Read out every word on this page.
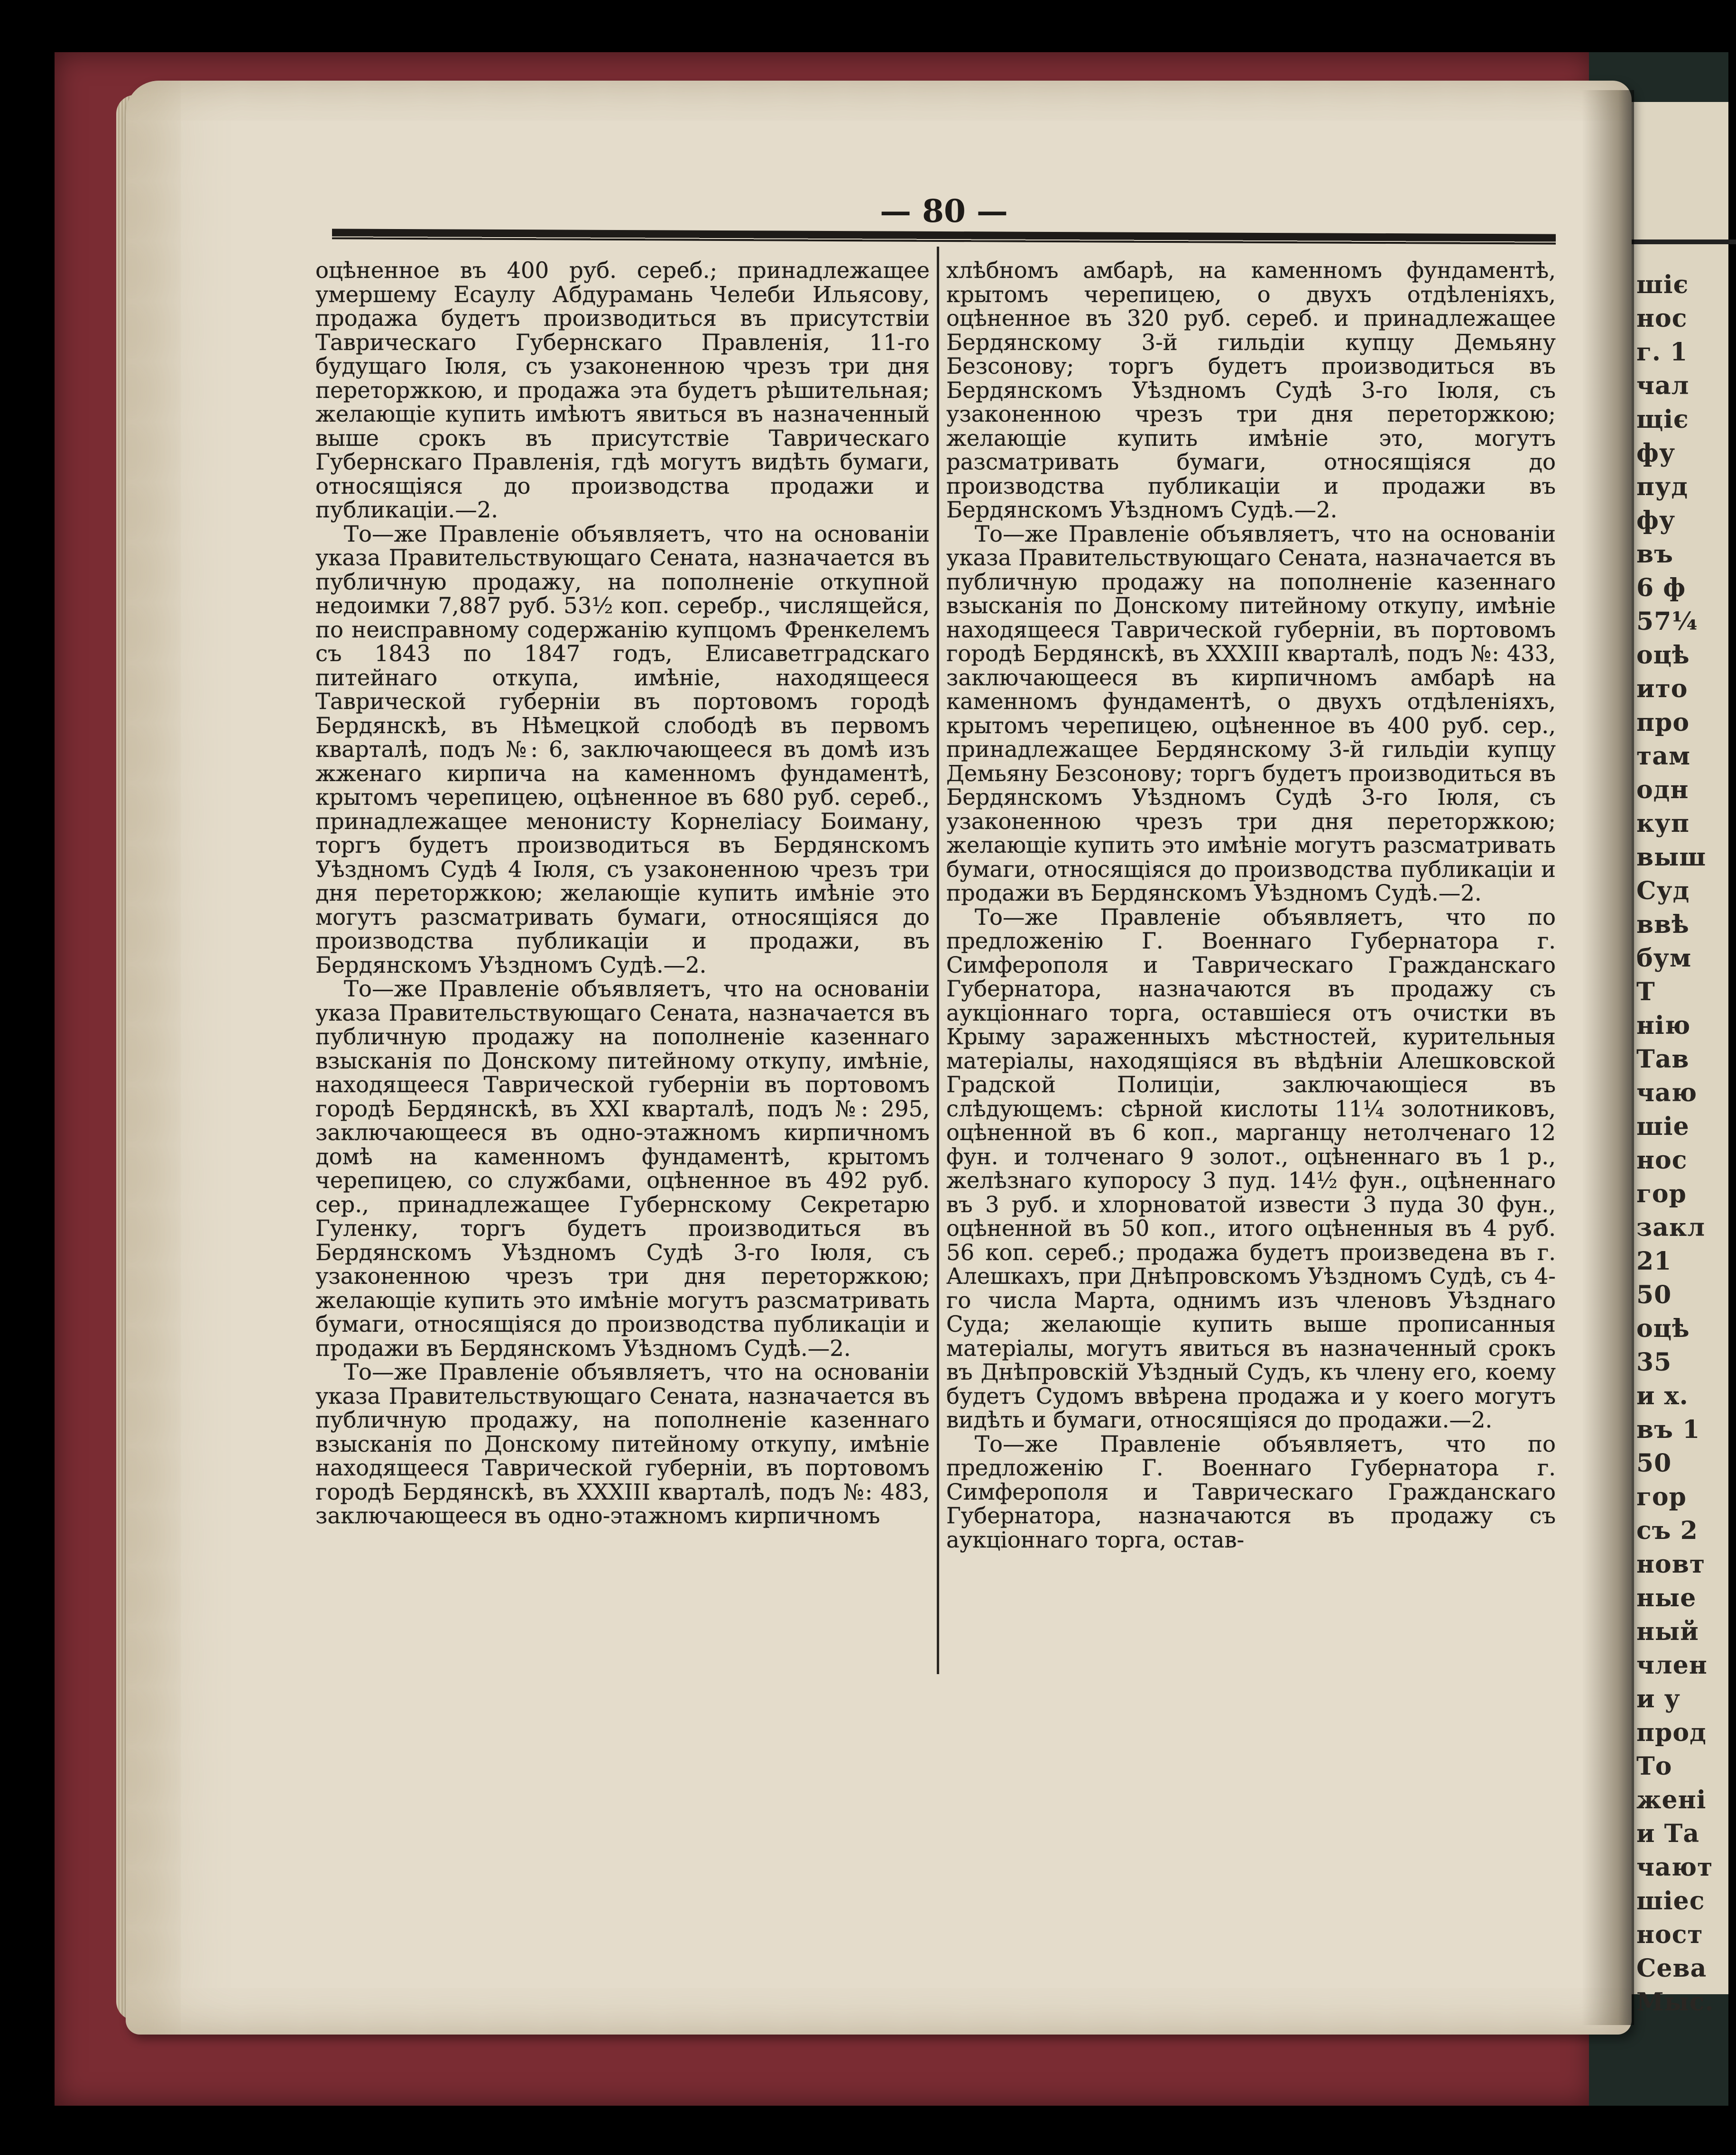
шіє
нос
г. 1
чал
щіє
фу
пуд
фу
въ
6 ф
57¼
оцѣ
ито
про
там
одн
куп
выш
Суд
ввѣ
бум
Т
нію
Тав
чаю
шіе
нос
гор
закл
21
50
оцѣ
35
и х.
въ 1
50
гор
съ 2
новт
ные
ный
член
и у
прод
То
женi
и Та
чают
шіес
ност
Сева
Мыс.
— 80 —

оцѣненное въ 400 руб. сереб.; принадлежащее умершему Есаулу Абдурамань Челеби Ильясову, продажа будетъ производиться въ присутствіи Таврическаго Губернскаго Правленія, 11-го будущаго Іюля, съ узаконенною чрезъ три дня переторжкою, и продажа эта будетъ рѣшительная; желающіе купить имѣютъ явиться въ назначенный выше срокъ въ присутствіе Таврическаго Губернскаго Правленія, гдѣ могутъ видѣть бумаги, относящіяся до производства продажи и публикаціи.—2.

То—же Правленіе объявляетъ, что на основаніи указа Правительствующаго Сената, назначается въ публичную продажу, на пополненіе откупной недоимки 7,887 руб. 53½ коп. серебр., числящейся, по неисправному содержанію купцомъ Френкелемъ съ 1843 по 1847 годъ, Елисаветградскаго питейнаго откупа, имѣніе, находящееся Таврической губерніи въ портовомъ городѣ Бердянскѣ, въ Нѣмецкой слободѣ въ первомъ кварталѣ, подъ №: 6, заключающееся въ домѣ изъ жженаго кирпича на каменномъ фундаментѣ, крытомъ черепицею, оцѣненное въ 680 руб. сереб., принадлежащее менонисту Корнеліасу Боиману, торгъ будетъ производиться въ Бердянскомъ Уѣздномъ Судѣ 4 Іюля, съ узаконенною чрезъ три дня переторжкою; желающіе купить имѣніе это могутъ разсматривать бумаги, относящіяся до производства публикаціи и продажи, въ Бердянскомъ Уѣздномъ Судѣ.—2.

То—же Правленіе объявляетъ, что на основаніи указа Правительствующаго Сената, назначается въ публичную продажу на пополненіе казеннаго взысканія по Донскому питейному откупу, имѣніе, находящееся Таврической губерніи въ портовомъ городѣ Бердянскѣ, въ XXI кварталѣ, подъ №: 295, заключающееся въ одно-этажномъ кирпичномъ домѣ на каменномъ фундаментѣ, крытомъ черепицею, со службами, оцѣненное въ 492 руб. сер., принадлежащее Губернскому Секретарю Гуленку, торгъ будетъ производиться въ Бердянскомъ Уѣздномъ Судѣ 3-го Іюля, съ узаконенною чрезъ три дня переторжкою; желающіе купить это имѣніе могутъ разсматривать бумаги, относящіяся до производства публикаціи и продажи въ Бердянскомъ Уѣздномъ Судѣ.—2.

То—же Правленіе объявляетъ, что на основаніи указа Правительствующаго Сената, назначается въ публичную продажу, на пополненіе казеннаго взысканія по Донскому питейному откупу, имѣніе находящееся Таврической губерніи, въ портовомъ городѣ Бердянскѣ, въ XXXIII кварталѣ, подъ №: 483, заключающееся въ одно-этажномъ кирпичномъ

хлѣбномъ амбарѣ, на каменномъ фундаментѣ, крытомъ черепицею, о двухъ отдѣленіяхъ, оцѣненное въ 320 руб. сереб. и принадлежащее Бердянскому 3-й гильдіи купцу Демьяну Безсонову; торгъ будетъ производиться въ Бердянскомъ Уѣздномъ Судѣ 3-го Іюля, съ узаконенною чрезъ три дня переторжкою; желающіе купить имѣніе это, могутъ разсматривать бумаги, относящіяся до производства публикаціи и продажи въ Бердянскомъ Уѣздномъ Судѣ.—2.

То—же Правленіе объявляетъ, что на основаніи указа Правительствующаго Сената, назначается въ публичную продажу на пополненіе казеннаго взысканія по Донскому питейному откупу, имѣніе находящееся Таврической губерніи, въ портовомъ городѣ Бердянскѣ, въ XXXIII кварталѣ, подъ №: 433, заключающееся въ кирпичномъ амбарѣ на каменномъ фундаментѣ, о двухъ отдѣленіяхъ, крытомъ черепицею, оцѣненное въ 400 руб. сер., принадлежащее Бердянскому 3-й гильдіи купцу Демьяну Безсонову; торгъ будетъ производиться въ Бердянскомъ Уѣздномъ Судѣ 3-го Іюля, съ узаконенною чрезъ три дня переторжкою; желающіе купить это имѣніе могутъ разсматривать бумаги, относящіяся до производства публикаціи и продажи въ Бердянскомъ Уѣздномъ Судѣ.—2.

То—же Правленіе объявляетъ, что по предложенію Г. Военнаго Губернатора г. Симферополя и Таврическаго Гражданскаго Губернатора, назначаются въ продажу съ аукціоннаго торга, оставшіеся отъ очистки въ Крыму зараженныхъ мѣстностей, курительныя матеріалы, находящіяся въ вѣдѣніи Алешковской Градской Полиціи, заключающіеся въ слѣдующемъ: сѣрной кислоты 11¼ золотниковъ, оцѣненной въ 6 коп., марганцу нетолченаго 12 фун. и толченаго 9 золот., оцѣненнаго въ 1 р., желѣзнаго купоросу 3 пуд. 14½ фун., оцѣненнаго въ 3 руб. и хлорноватой извести 3 пуда 30 фун., оцѣненной въ 50 коп., итого оцѣненныя въ 4 руб. 56 коп. сереб.; продажа будетъ произведена въ г. Алешкахъ, при Днѣпровскомъ Уѣздномъ Судѣ, съ 4-го числа Марта, однимъ изъ членовъ Уѣзднаго Суда; желающіе купить выше прописанныя матеріалы, могутъ явиться въ назначенный срокъ въ Днѣпровскій Уѣздный Судъ, къ члену его, коему будетъ Судомъ ввѣрена продажа и у коего могутъ видѣть и бумаги, относящіяся до продажи.—2.

То—же Правленіе объявляетъ, что по предложенію Г. Военнаго Губернатора г. Симферополя и Таврическаго Гражданскаго Губернатора, назначаются въ продажу съ аукціоннаго торга, остав-
